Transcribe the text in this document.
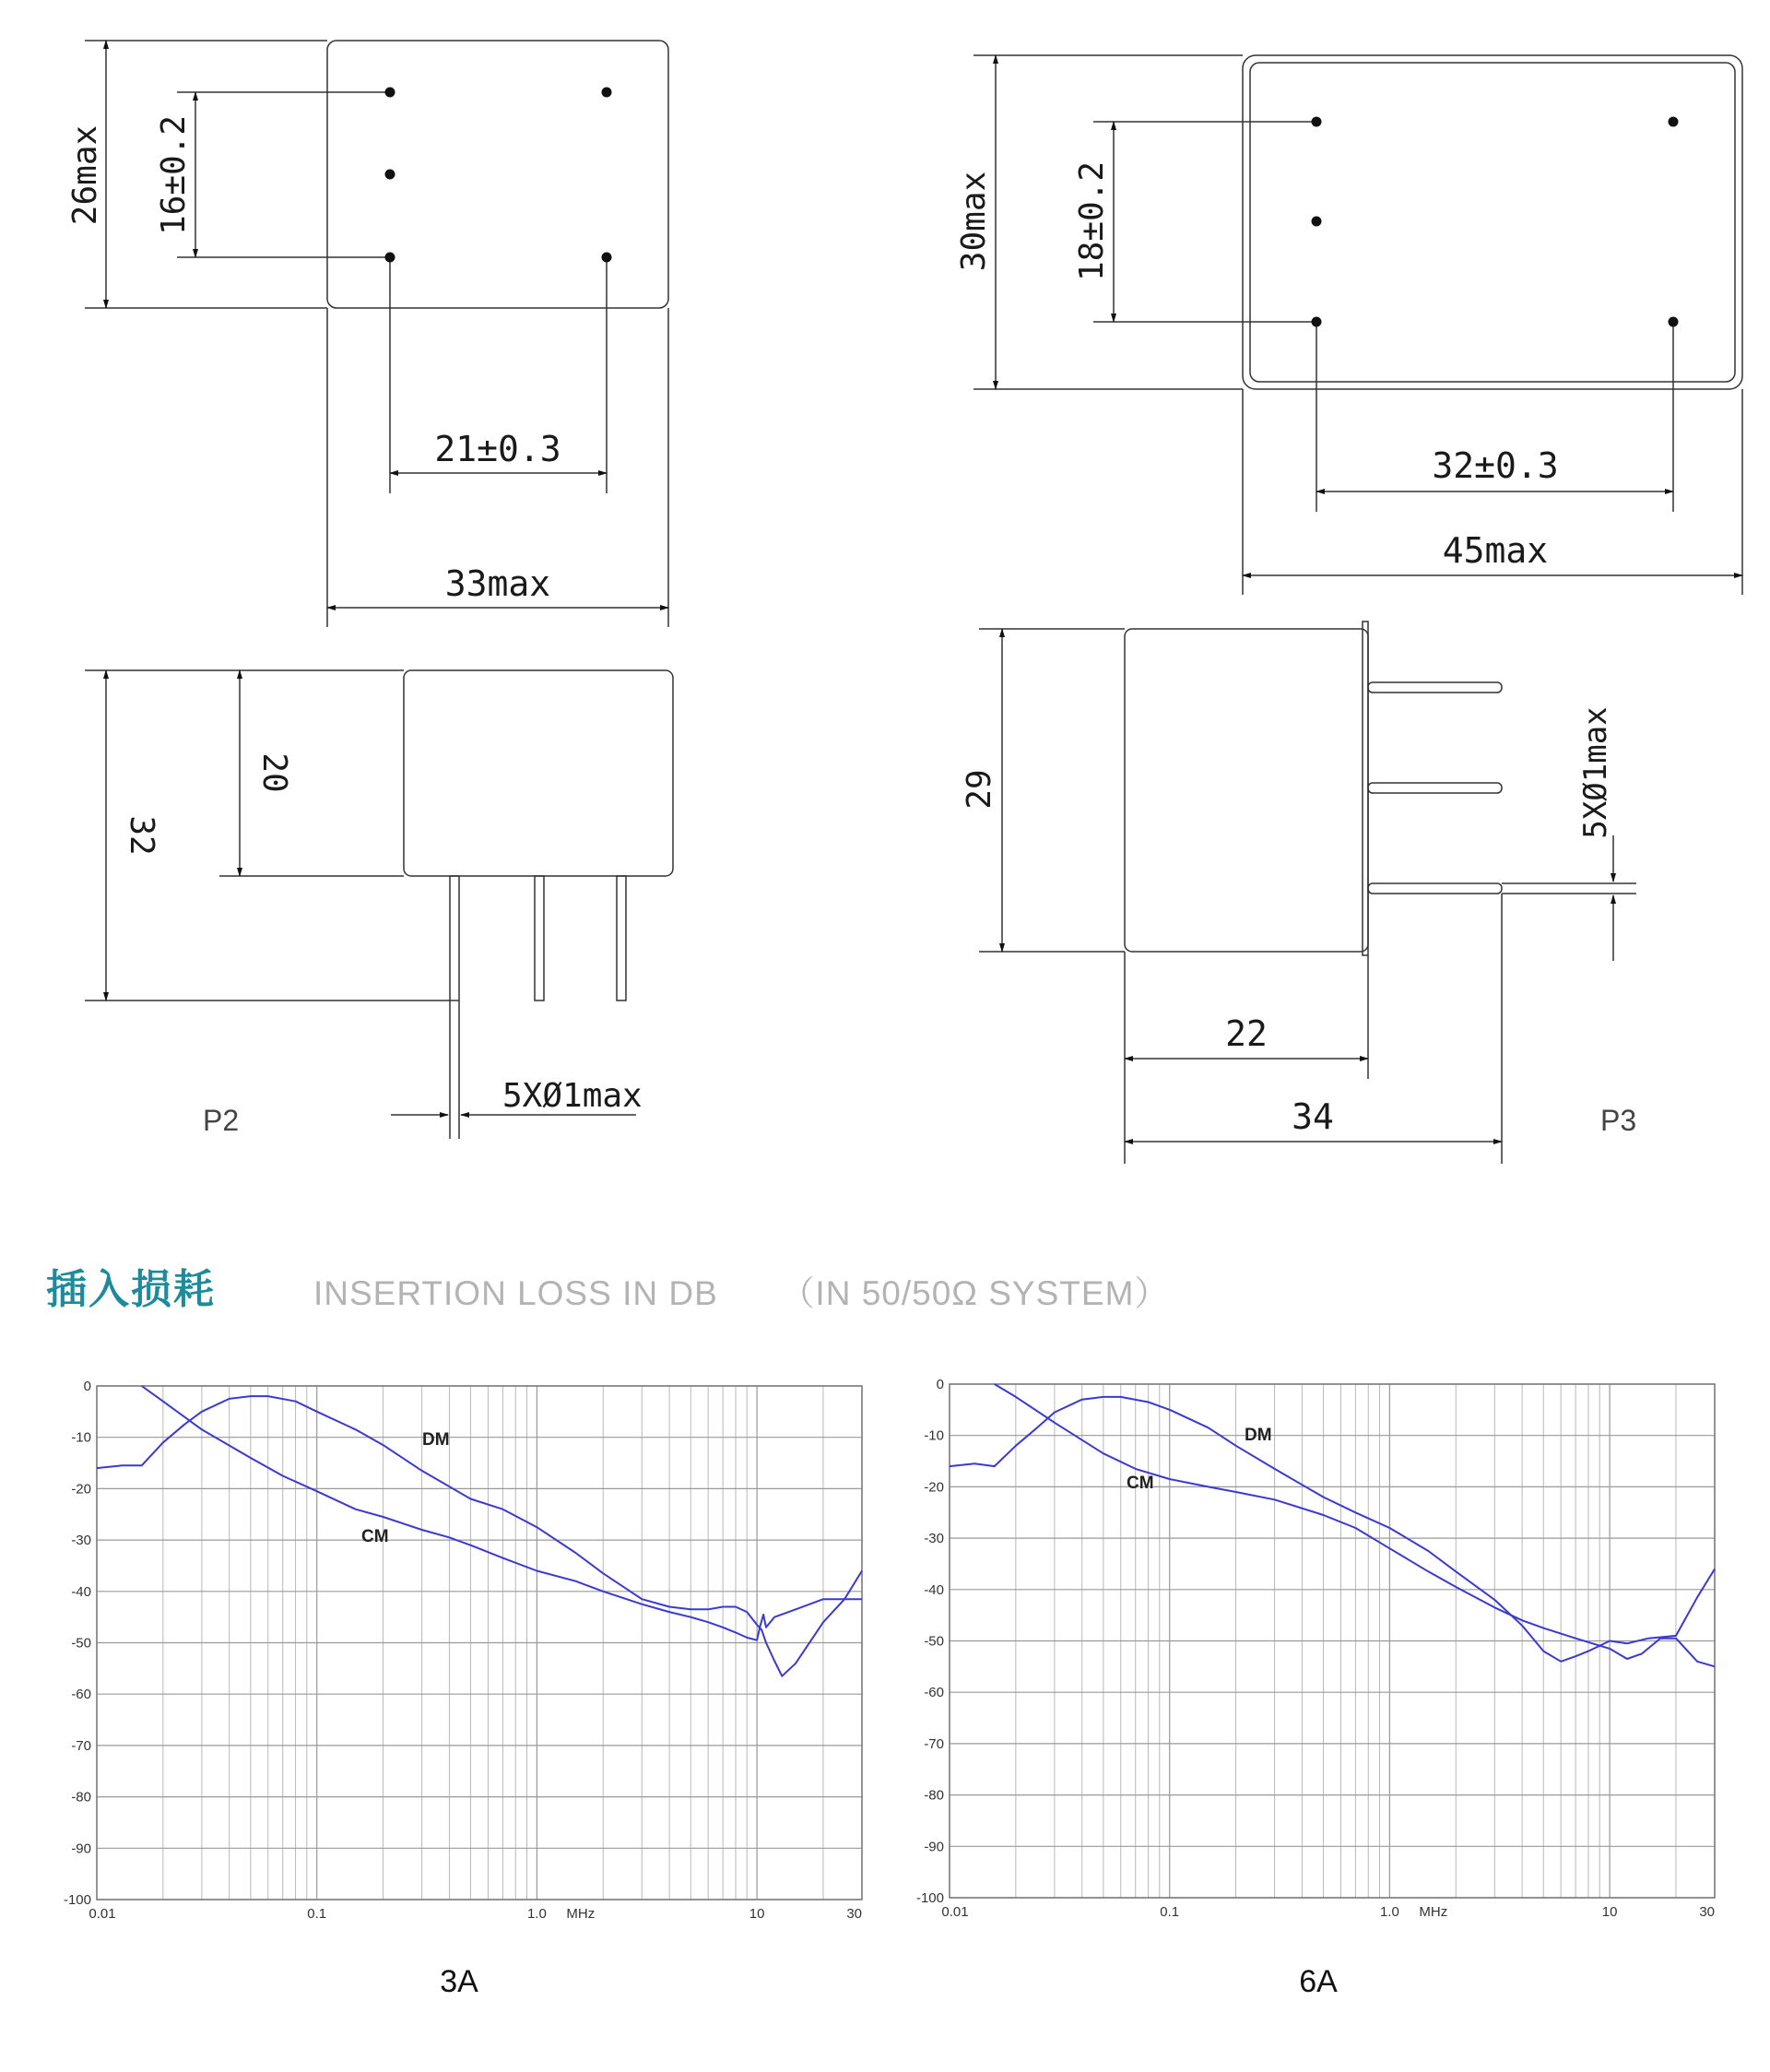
插入损耗	INSERTION LOSS IN DB （IN 50/50Ω SYSTEM）
26max 16±0.2
21±0.3
33max
32
20
5XØ1max
P2
30max 18±0.2
32±0.3
45max
29	5XØ1max
22
34	P3
0
-10
-20
-30
-40
-50
-60
-70
-80
-90
-100
0.01	0.1	1.0	10	30
MHz
DM
CM
3A
0
-10
-20
-30
-40
-50
-60
-70
-80
-90
-100
0.01	0.1	1.0	10	30
MHz
DM
CM
6A
